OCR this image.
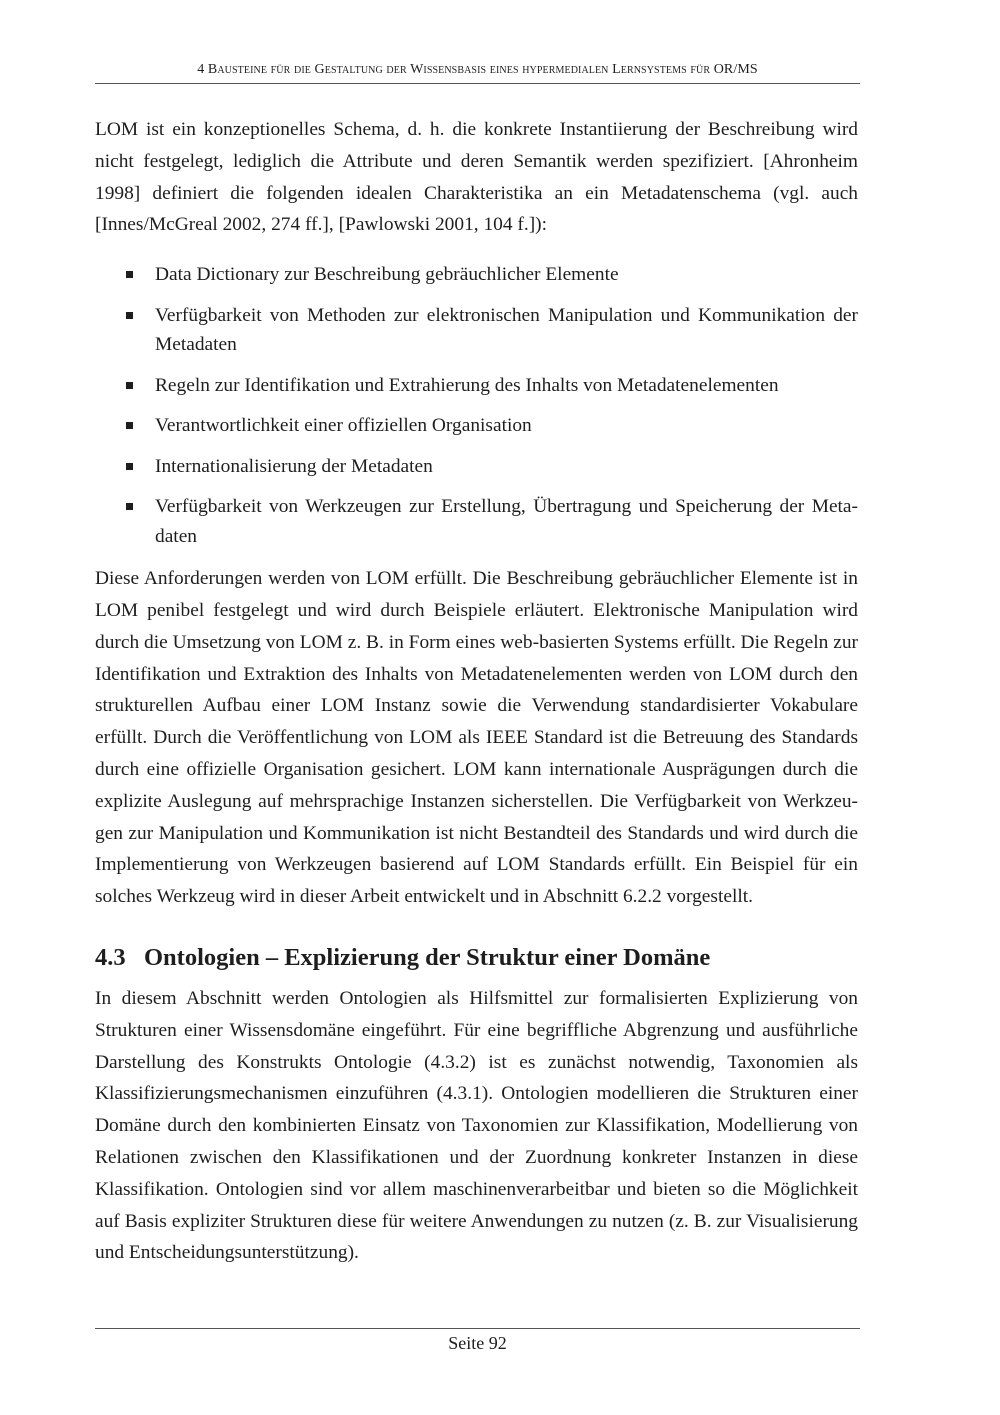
4 Bausteine für die Gestaltung der Wissensbasis eines hypermedialen Lernsystems für OR/MS

LOM ist ein konzeptionelles Schema, d. h. die konkrete Instantiierung der Beschreibung wird nicht festgelegt, lediglich die Attribute und deren Semantik werden spezifiziert. [Ahronheim 1998] definiert die folgenden idealen Charakteristika an ein Metadatenschema (vgl. auch [Innes/McGreal 2002, 274 ff.], [Pawlowski 2001, 104 f.]):

Data Dictionary zur Beschreibung gebräuchlicher Elemente
Verfügbarkeit von Methoden zur elektronischen Manipulation und Kommunikation der Metadaten
Regeln zur Identifikation und Extrahierung des Inhalts von Metadatenelementen
Verantwortlichkeit einer offiziellen Organisation
Internationalisierung der Metadaten
Verfügbarkeit von Werkzeugen zur Erstellung, Übertragung und Speicherung der Meta-daten

Diese Anforderungen werden von LOM erfüllt. Die Beschreibung gebräuchlicher Elemente ist in LOM penibel festgelegt und wird durch Beispiele erläutert. Elektronische Manipulation wird durch die Umsetzung von LOM z. B. in Form eines web-basierten Systems erfüllt. Die Regeln zur Identifikation und Extraktion des Inhalts von Metadatenelementen werden von LOM durch den strukturellen Aufbau einer LOM Instanz sowie die Verwendung standardisierter Vokabulare erfüllt. Durch die Veröffentlichung von LOM als IEEE Standard ist die Betreuung des Standards durch eine offizielle Organisation gesichert. LOM kann internationale Ausprägungen durch die explizite Auslegung auf mehrsprachige Instanzen sicherstellen. Die Verfügbarkeit von Werkzeu-gen zur Manipulation und Kommunikation ist nicht Bestandteil des Standards und wird durch die Implementierung von Werkzeugen basierend auf LOM Standards erfüllt. Ein Beispiel für ein solches Werkzeug wird in dieser Arbeit entwickelt und in Abschnitt 6.2.2 vorgestellt.

4.3 Ontologien – Explizierung der Struktur einer Domäne

In diesem Abschnitt werden Ontologien als Hilfsmittel zur formalisierten Explizierung von Strukturen einer Wissensdomäne eingeführt. Für eine begriffliche Abgrenzung und ausführliche Darstellung des Konstrukts Ontologie (4.3.2) ist es zunächst notwendig, Taxonomien als Klassifizierungsmechanismen einzuführen (4.3.1). Ontologien modellieren die Strukturen einer Domäne durch den kombinierten Einsatz von Taxonomien zur Klassifikation, Modellierung von Relationen zwischen den Klassifikationen und der Zuordnung konkreter Instanzen in diese Klassifikation. Ontologien sind vor allem maschinenverarbeitbar und bieten so die Möglichkeit auf Basis expliziter Strukturen diese für weitere Anwendungen zu nutzen (z. B. zur Visualisierung und Entscheidungsunterstützung).

Seite 92
